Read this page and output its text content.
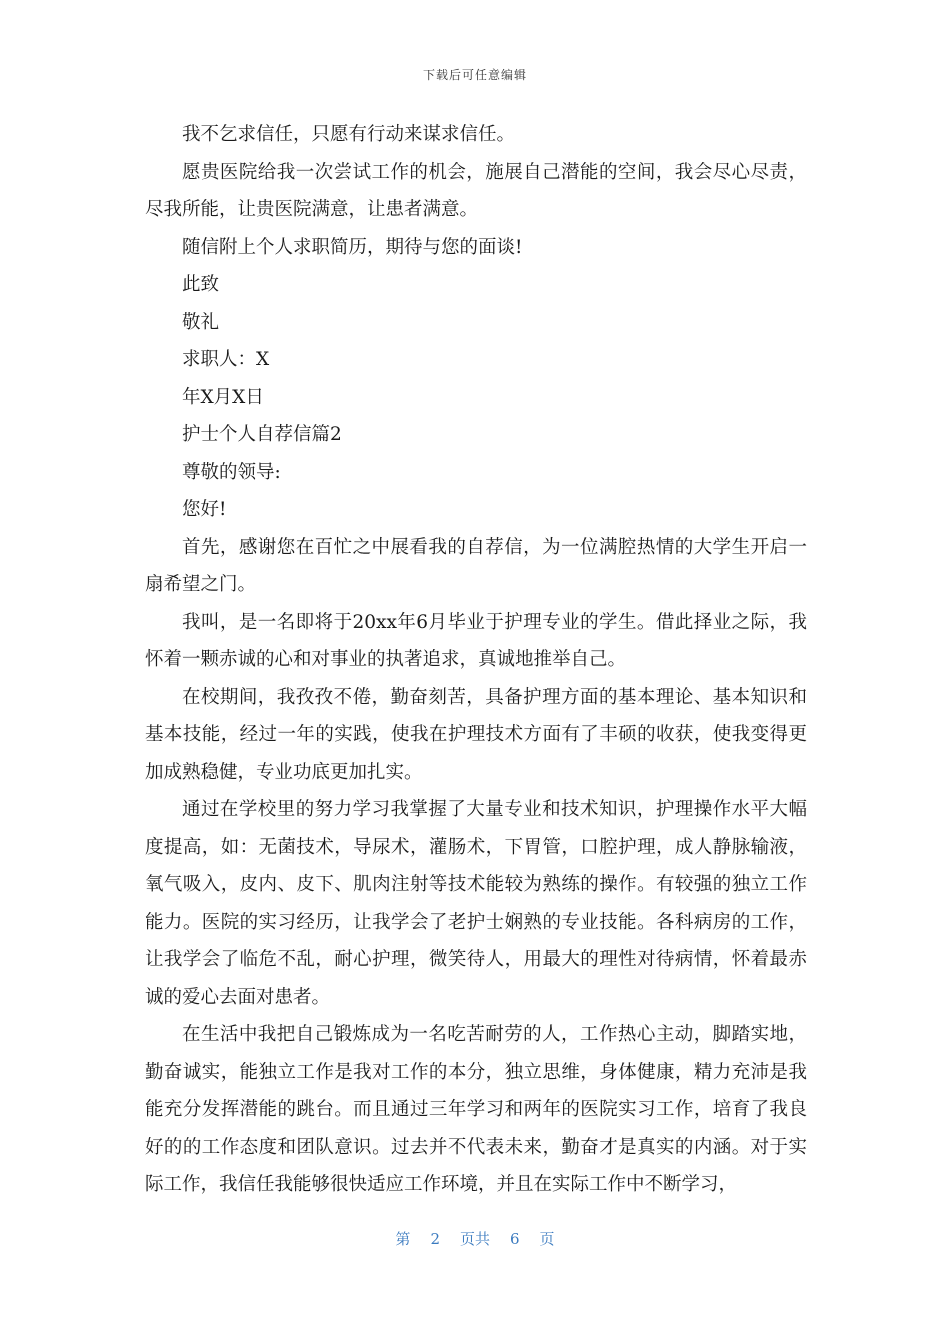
下载后可任意编辑

我不乞求信任，只愿有行动来谋求信任。

愿贵医院给我一次尝试工作的机会，施展自己潜能的空间，我会尽心尽责，尽我所能，让贵医院满意，让患者满意。

随信附上个人求职简历，期待与您的面谈!

此致

敬礼

求职人：X

年X月X日

护士个人自荐信篇2

尊敬的领导:

您好!

首先，感谢您在百忙之中展看我的自荐信，为一位满腔热情的大学生开启一扇希望之门。

我叫，是一名即将于20xx年6月毕业于护理专业的学生。借此择业之际，我怀着一颗赤诚的心和对事业的执著追求，真诚地推举自己。

在校期间，我孜孜不倦，勤奋刻苦，具备护理方面的基本理论、基本知识和基本技能，经过一年的实践，使我在护理技术方面有了丰硕的收获，使我变得更加成熟稳健，专业功底更加扎实。

通过在学校里的努力学习我掌握了大量专业和技术知识，护理操作水平大幅度提高，如：无菌技术，导尿术，灌肠术，下胃管，口腔护理，成人静脉输液，氧气吸入，皮内、皮下、肌肉注射等技术能较为熟练的操作。有较强的独立工作能力。医院的实习经历，让我学会了老护士娴熟的专业技能。各科病房的工作，让我学会了临危不乱，耐心护理，微笑待人，用最大的理性对待病情，怀着最赤诚的爱心去面对患者。

在生活中我把自己锻炼成为一名吃苦耐劳的人，工作热心主动，脚踏实地，勤奋诚实，能独立工作是我对工作的本分，独立思维，身体健康，精力充沛是我能充分发挥潜能的跳台。而且通过三年学习和两年的医院实习工作，培育了我良好的的工作态度和团队意识。过去并不代表未来，勤奋才是真实的内涵。对于实际工作，我信任我能够很快适应工作环境，并且在实际工作中不断学习，

第 2 页共 6 页
